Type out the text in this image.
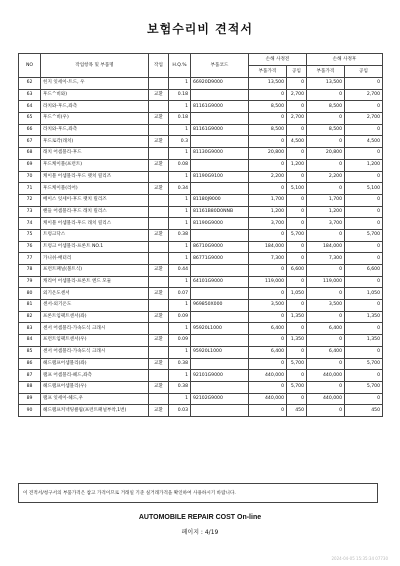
보험수리비 견적서
NO	작업항목 및 부품명	작업	H.Q.%	부품코드	손해 사정전		손해 사정후	
					부품가격	공임	부품가격	공임
62	힌지 잇세이-트드, 우		1	66920D9000	13,500	0	13,500	0
63	후드ᄉ비와)	교환	0.18		0	2,700	0	2,700
64	라치와-후드,좌측		1	81161G9000	8,500	0	8,500	0
65	후드ᄉ비(우)	교환	0.18		0	2,700	0	2,700
66	라치와-후드,좌측		1	81161G9000	8,500	0	8,500	0
67	후드로각(래치)	교환	0.3		0	4,500	0	4,500
68	래치 어셈블리-후드		1	81130G9000	20,800	0	20,800	0
69	후드케이블(프런트)	교환	0.08		0	1,200	0	1,200
70	케이블 어셈블리-후드 랫치 릴리즈		1	81190G9100	2,200	0	2,200	0
71	후드케이블(리어)	교환	0.34		0	5,100	0	5,100
72	베이스 잇세이-후드 랫치 릴리즈		1	81180J9000	1,700	0	1,700	0
73	핸들 어셈블리-후드 래치 릴리스		1	81161B80D0NNB	1,200	0	1,200	0
74	케이블 어셈블리-후드 래치 릴리스		1	81190G9000	3,700	0	3,700	0
75	트렁크닥스	교환	0.38		0	5,700	0	5,700
76	트렁크 어셈블리-프론트 NO.1		1	86710G9000	184,000	0	184,000	0
77	가니쉬-배터리		1	86771G9000	7,300	0	7,300	0
78	프런트패널(볼트식)	교환	0.44		0	6,600	0	6,600
79	캐리어 어셈블리-프론트 엔드 모듈		1	64101G9000	119,000	0	119,000	0
80	외기온도센서	교환	0.07		0	1,050	0	1,050
81	센서-외기온도		1	969850X000	3,500	0	3,500	0
82	프론트임팩트센서(좌)	교환	0.09		0	1,350	0	1,350
83	센서 어셈블리-가속도식 크래시		1	95920L1000	6,400	0	6,400	0
84	프런트임팩트센서(우)	교환	0.09		0	1,350	0	1,350
85	센서 어셈블리-가속도식 크래시		1	95920L1000	6,400	0	6,400	0
86	헤드램프어셈블리(좌)	교환	0.38		0	5,700	0	5,700
87	램프 어셈블리-헤드,좌측		1	92101G9000	440,000	0	440,000	0
88	헤드램프어셈블리(우)	교환	0.38		0	5,700	0	5,700
89	램프 잇세이-헤드,우		1	92102G9000	440,000	0	440,000	0
90	헤드램프커넥팅클립(프런트패널부착,1번)	교환	0.03		0	450	0	450
이 견적서/청구서의 부품가격은 참고 가격이므로 거래일 기준 실거래가격을 확인하여 사용하시기 바랍니다.
AUTOMOBILE REPAIR COST On-line
페이지 : 4/19
2024-04-05 15:35:34 07730
